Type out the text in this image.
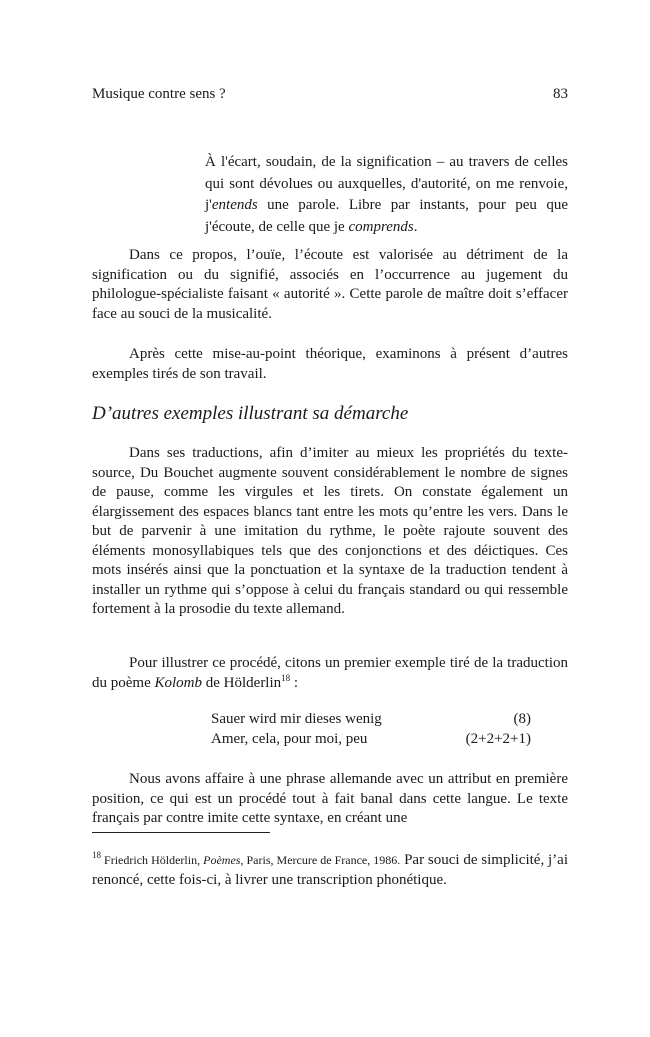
Musique contre sens ?	83

À l'écart, soudain, de la signification – au travers de celles qui sont dévolues ou auxquelles, d'autorité, on me renvoie, j'entends une parole. Libre par instants, pour peu que j'écoute, de celle que je comprends.

Dans ce propos, l’ouïe, l’écoute est valorisée au détriment de la signification ou du signifié, associés en l’occurrence au jugement du philologue-spécialiste faisant « autorité ». Cette parole de maître doit s’effacer face au souci de la musicalité.

Après cette mise-au-point théorique, examinons à présent d’autres exemples tirés de son travail.

D’autres exemples illustrant sa démarche

Dans ses traductions, afin d’imiter au mieux les propriétés du texte-source, Du Bouchet augmente souvent considérablement le nombre de signes de pause, comme les virgules et les tirets. On constate également un élargissement des espaces blancs tant entre les mots qu’entre les vers. Dans le but de parvenir à une imitation du rythme, le poète rajoute souvent des éléments monosyllabiques tels que des conjonctions et des déictiques. Ces mots insérés ainsi que la ponctuation et la syntaxe de la traduction tendent à installer un rythme qui s’oppose à celui du français standard ou qui ressemble fortement à la prosodie du texte allemand.

Pour illustrer ce procédé, citons un premier exemple tiré de la traduction du poème Kolomb de Hölderlin$^{18}$ :

Sauer wird mir dieses wenig	(8)
Amer, cela, pour moi, peu	(2+2+2+1)

Nous avons affaire à une phrase allemande avec un attribut en première position, ce qui est un procédé tout à fait banal dans cette langue. Le texte français par contre imite cette syntaxe, en créant une

$^{18}$ Friedrich Hölderlin, Poèmes, Paris, Mercure de France, 1986. Par souci de simplicité, j’ai renoncé, cette fois-ci, à livrer une transcription phonétique.
